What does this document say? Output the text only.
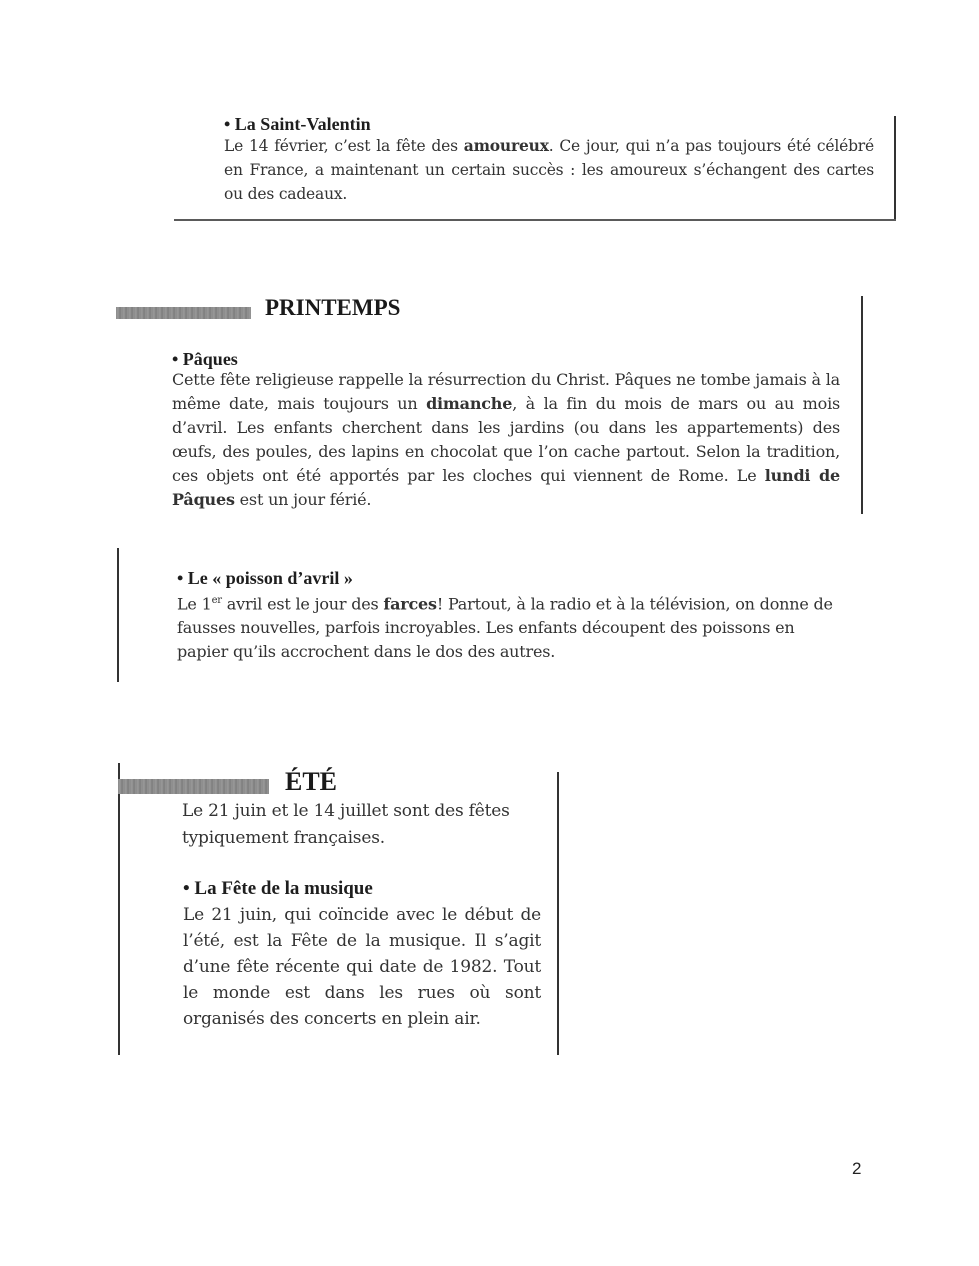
• La Saint-Valentin

Le 14 février, c’est la fête des amoureux. Ce jour, qui n’a pas toujours été célébré en France, a maintenant un certain succès : les amoureux s’échangent des cartes ou des cadeaux.

PRINTEMPS
• Pâques

Cette fête religieuse rappelle la résurrection du Christ. Pâques ne tombe jamais à la même date, mais toujours un dimanche, à la fin du mois de mars ou au mois d’avril. Les enfants cherchent dans les jardins (ou dans les appartements) des œufs, des poules, des lapins en chocolat que l’on cache partout. Selon la tradition, ces objets ont été apportés par les cloches qui viennent de Rome. Le lundi de Pâques est un jour férié.

• Le « poisson d’avril »
Le 1er avril est le jour des farces! Partout, à la radio et à la télévision, on donne de
fausses nouvelles, parfois incroyables. Les enfants découpent des poissons en
papier qu’ils accrochent dans le dos des autres.
ÉTÉ

Le 21 juin et le 14 juillet sont des fêtes typiquement françaises.

• La Fête de la musique

Le 21 juin, qui coïncide avec le début de l’été, est la Fête de la musique. Il s’agit d’une fête récente qui date de 1982. Tout le monde est dans les rues où sont organisés des concerts en plein air.

2
